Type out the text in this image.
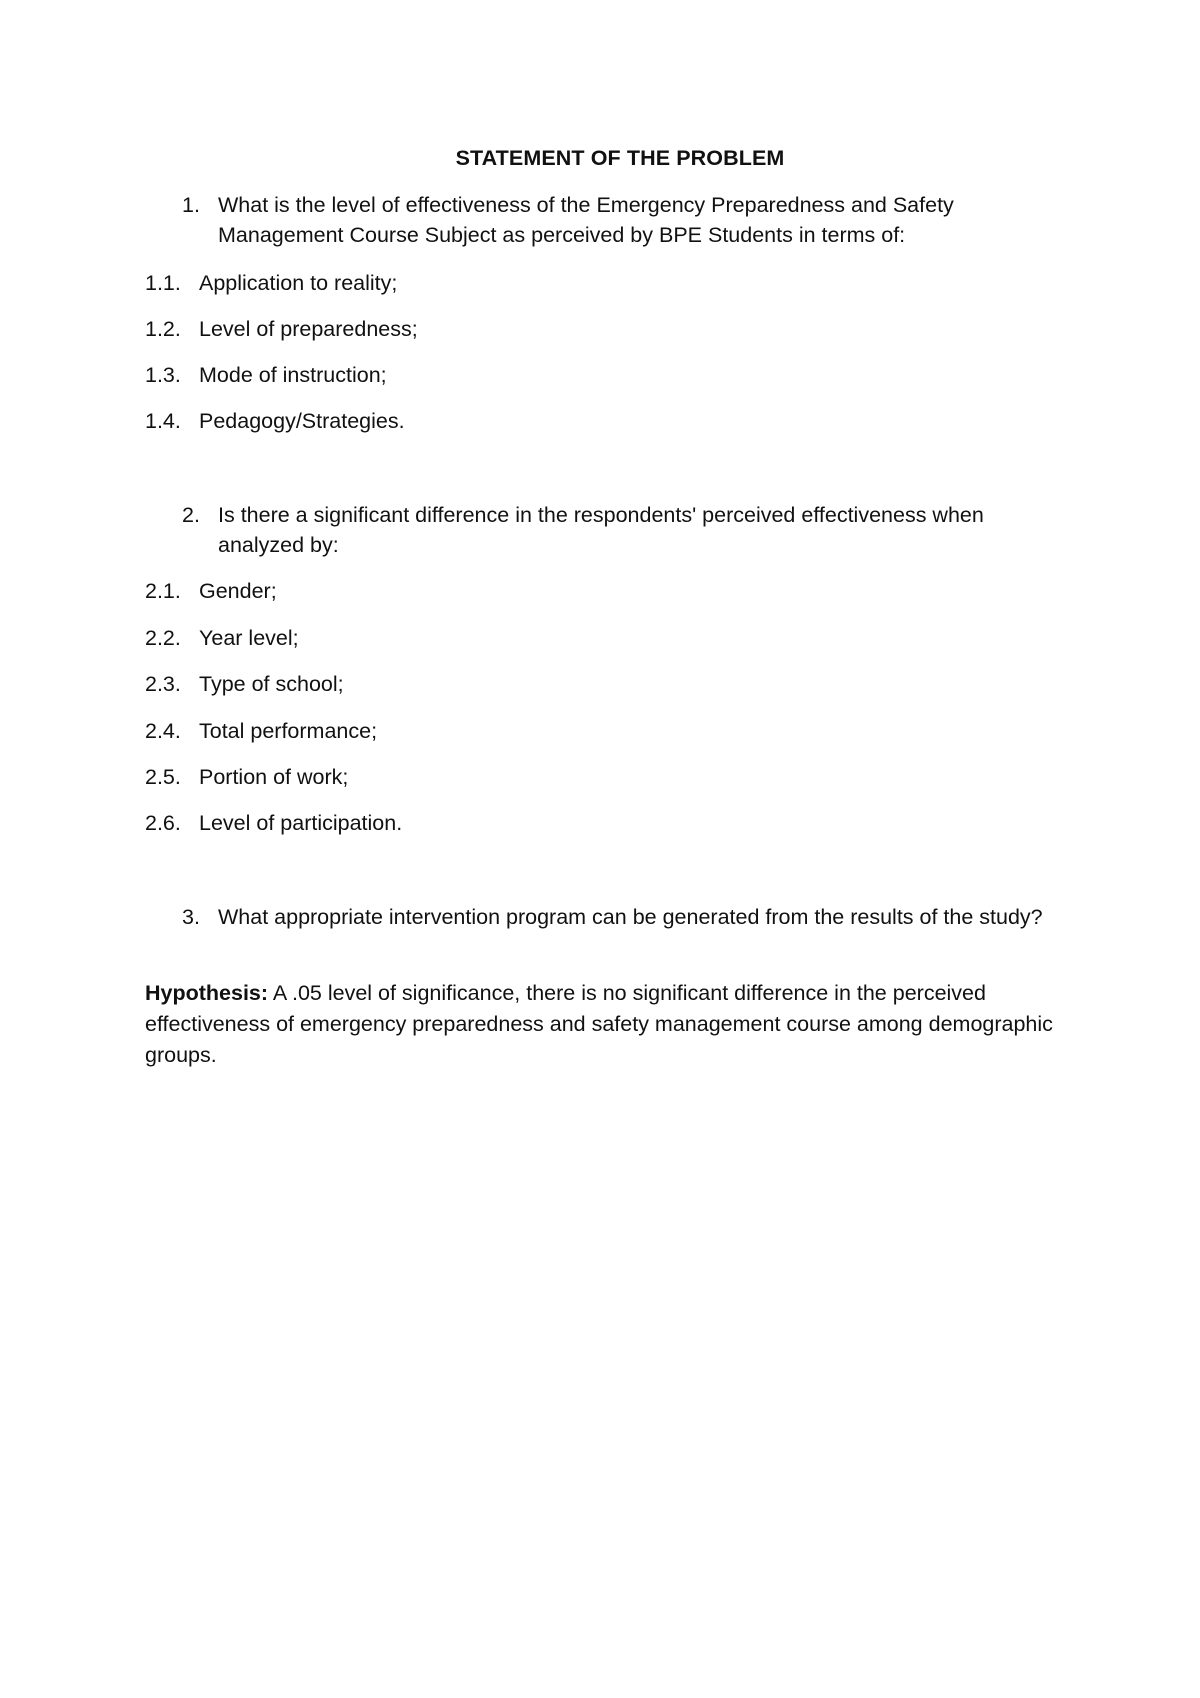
STATEMENT OF THE PROBLEM
1. What is the level of effectiveness of the Emergency Preparedness and Safety Management Course Subject as perceived by BPE Students in terms of:
1.1. Application to reality;
1.2. Level of preparedness;
1.3. Mode of instruction;
1.4. Pedagogy/Strategies.
2. Is there a significant difference in the respondents' perceived effectiveness when analyzed by:
2.1. Gender;
2.2. Year level;
2.3. Type of school;
2.4. Total performance;
2.5. Portion of work;
2.6. Level of participation.
3. What appropriate intervention program can be generated from the results of the study?
Hypothesis: A .05 level of significance, there is no significant difference in the perceived effectiveness of emergency preparedness and safety management course among demographic groups.
